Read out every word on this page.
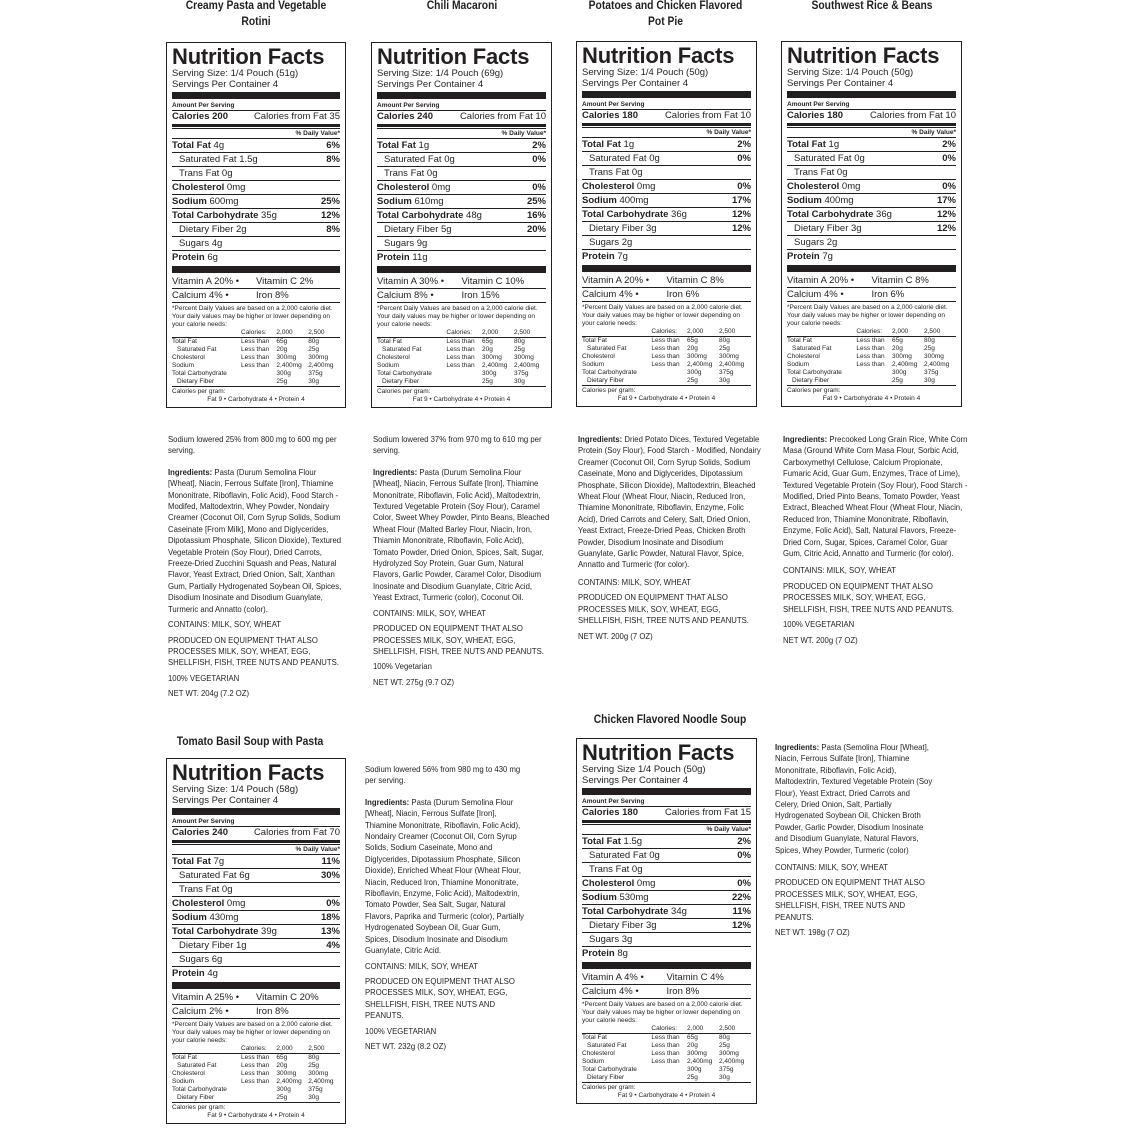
Creamy Pasta and Vegetable Rotini
Chili Macaroni	Potatoes and Chicken Flavored Pot Pie
Southwest Rice & Beans
Tomato Basil Soup with Pasta
Chicken Flavored Noodle Soup
Nutrition Facts
Serving Size: 1/4 Pouch (51g)
Servings Per Container 4
Amount Per Serving
Calories 200	Calories from Fat 35
% Daily Value*
Total Fat 4g	6%
Saturated Fat 1.5g	8%
Trans Fat 0g
Cholesterol 0mg
Sodium 600mg	25%
Total Carbohydrate 35g	12%
Dietary Fiber 2g	8%
Sugars 4g
Protein 6g
Vitamin A 20% •	Vitamin C 2%
Calcium 4% •	Iron 8%
*Percent Daily Values are based on a 2,000 calorie diet. Your daily values may be higher or lower depending on your calorie needs:
	Calories:	2,000	2,500
Total Fat	Less than	65g	80g
Saturated Fat	Less than	20g	25g
Cholesterol	Less than	300mg	300mg
Sodium	Less than	2,400mg	2,400mg
Total Carbohydrate		300g	375g
Dietary Fiber		25g	30g
Calories per gram:
Fat 9 • Carbohydrate 4 • Protein 4
Nutrition Facts
Serving Size: 1/4 Pouch (69g)
Servings Per Container 4
Amount Per Serving
Calories 240	Calories from Fat 10
% Daily Value*
Total Fat 1g	2%
Saturated Fat 0g	0%
Trans Fat 0g
Cholesterol 0mg	0%
Sodium 610mg	25%
Total Carbohydrate 48g	16%
Dietary Fiber 5g	20%
Sugars 9g
Protein 11g
Vitamin A 30% •	Vitamin C 10%
Calcium 8% •	Iron 15%
*Percent Daily Values are based on a 2,000 calorie diet. Your daily values may be higher or lower depending on your calorie needs:
	Calories:	2,000	2,500
Total Fat	Less than	65g	80g
Saturated Fat	Less than	20g	25g
Cholesterol	Less than	300mg	300mg
Sodium	Less than	2,400mg	2,400mg
Total Carbohydrate		300g	375g
Dietary Fiber		25g	30g
Calories per gram:
Fat 9 • Carbohydrate 4 • Protein 4
Nutrition Facts
Serving Size: 1/4 Pouch (50g)
Servings Per Container 4
Amount Per Serving
Calories 180	Calories from Fat 10
% Daily Value*
Total Fat 1g	2%
Saturated Fat 0g	0%
Trans Fat 0g
Cholesterol 0mg	0%
Sodium 400mg	17%
Total Carbohydrate 36g	12%
Dietary Fiber 3g	12%
Sugars 2g
Protein 7g
Vitamin A 20% •	Vitamin C 8%
Calcium 4% •	Iron 6%
*Percent Daily Values are based on a 2,000 calorie diet. Your daily values may be higher or lower depending on your calorie needs:
	Calories:	2,000	2,500
Total Fat	Less than	65g	80g
Saturated Fat	Less than	20g	25g
Cholesterol	Less than	300mg	300mg
Sodium	Less than	2,400mg	2,400mg
Total Carbohydrate		300g	375g
Dietary Fiber		25g	30g
Calories per gram:
Fat 9 • Carbohydrate 4 • Protein 4
Nutrition Facts
Serving Size: 1/4 Pouch (50g)
Servings Per Container 4
Amount Per Serving
Calories 180	Calories from Fat 10
% Daily Value*
Total Fat 1g	2%
Saturated Fat 0g	0%
Trans Fat 0g
Cholesterol 0mg	0%
Sodium 400mg	17%
Total Carbohydrate 36g	12%
Dietary Fiber 3g	12%
Sugars 2g
Protein 7g
Vitamin A 20% •	Vitamin C 8%
Calcium 4% •	Iron 6%
*Percent Daily Values are based on a 2,000 calorie diet. Your daily values may be higher or lower depending on your calorie needs:
	Calories:	2,000	2,500
Total Fat	Less than	65g	80g
Saturated Fat	Less than	20g	25g
Cholesterol	Less than	300mg	300mg
Sodium	Less than	2,400mg	2,400mg
Total Carbohydrate		300g	375g
Dietary Fiber		25g	30g
Calories per gram:
Fat 9 • Carbohydrate 4 • Protein 4
Nutrition Facts
Serving Size: 1/4 Pouch (58g)
Servings Per Container 4
Amount Per Serving
Calories 240	Calories from Fat 70
% Daily Value*
Total Fat 7g	11%
Saturated Fat 6g	30%
Trans Fat 0g
Cholesterol 0mg	0%
Sodium 430mg	18%
Total Carbohydrate 39g	13%
Dietary Fiber 1g	4%
Sugars 6g
Protein 4g
Vitamin A 25% •	Vitamin C 20%
Calcium 2% •	Iron 8%
*Percent Daily Values are based on a 2,000 calorie diet. Your daily values may be higher or lower depending on your calorie needs:
	Calories:	2,000	2,500
Total Fat	Less than	65g	80g
Saturated Fat	Less than	20g	25g
Cholesterol	Less than	300mg	300mg
Sodium	Less than	2,400mg	2,400mg
Total Carbohydrate		300g	375g
Dietary Fiber		25g	30g
Calories per gram:
Fat 9 • Carbohydrate 4 • Protein 4
Nutrition Facts
Serving Size 1/4 Pouch (50g)
Servings Per Container 4
Amount Per Serving
Calories 180	Calories from Fat 15
% Daily Value*
Total Fat 1.5g	2%
Saturated Fat 0g	0%
Trans Fat 0g
Cholesterol 0mg	0%
Sodium 530mg	22%
Total Carbohydrate 34g	11%
Dietary Fiber 3g	12%
Sugars 3g
Protein 8g
Vitamin A 4% •	Vitamin C 4%
Calcium 4% •	Iron 8%
*Percent Daily Values are based on a 2,000 calorie diet. Your daily values may be higher or lower depending on your calorie needs:
	Calories:	2,000	2,500
Total Fat	Less than	65g	80g
Saturated Fat	Less than	20g	25g
Cholesterol	Less than	300mg	300mg
Sodium	Less than	2,400mg	2,400mg
Total Carbohydrate		300g	375g
Dietary Fiber		25g	30g
Calories per gram:
Fat 9 • Carbohydrate 4 • Protein 4

Sodium lowered 25% from 800 mg to 600 mg per serving.

Ingredients: Pasta (Durum Semolina Flour [Wheat], Niacin, Ferrous Sulfate [Iron], Thiamine Mononitrate, Riboflavin, Folic Acid), Food Starch - Modifed, Maltodextrin, Whey Powder, Nondairy Creamer (Coconut Oil, Corn Syrup Solids, Sodium Caseinate [From Milk], Mono and Diglycerides, Dipotassium Phosphate, Silicon Dioxide), Textured Vegetable Protein (Soy Flour), Dried Carrots, Freeze-Dried Zucchini Squash and Peas, Natural Flavor, Yeast Extract, Dried Onion, Salt, Xanthan Gum, Partially Hydrogenated Soybean Oil, Spices, Disodium Inosinate and Disodium Guanylate, Turmeric and Annatto (color).

CONTAINS: MILK, SOY, WHEAT

PRODUCED ON EQUIPMENT THAT ALSO PROCESSES MILK, SOY, WHEAT, EGG, SHELLFISH, FISH, TREE NUTS AND PEANUTS.

100% VEGETARIAN

NET WT. 204g (7.2 OZ)

Sodium lowered 37% from 970 mg to 610 mg per serving.

Ingredients: Pasta (Durum Semolina Flour [Wheat], Niacin, Ferrous Sulfate [Iron], Thiamine Mononitrate, Riboflavin, Folic Acid), Maltodextrin, Textured Vegetable Protein (Soy Flour), Caramel Color, Sweet Whey Powder, Pinto Beans, Bleached Wheat Flour (Malted Barley Flour, Niacin, Iron, Thiamin Mononitrate, Riboflavin, Folic Acid), Tomato Powder, Dried Onion, Spices, Salt, Sugar, Hydrolyzed Soy Protein, Guar Gum, Natural Flavors, Garlic Powder, Caramel Color, Disodium Inosinate and Disodium Guanylate, Citric Acid, Yeast Extract, Turmeric (color), Coconut Oil.

CONTAINS: MILK, SOY, WHEAT

PRODUCED ON EQUIPMENT THAT ALSO PROCESSES MILK, SOY, WHEAT, EGG, SHELLFISH, FISH, TREE NUTS AND PEANUTS.

100% Vegetarian

NET WT. 275g (9.7 OZ)

Ingredients: Dried Potato Dices, Textured Vegetable Protein (Soy Flour), Food Starch - Modified, Nondairy Creamer (Coconut Oil, Corn Syrup Solids, Sodium Caseinate, Mono and Diglycerides, Dipotassium Phosphate, Silicon Dioxide), Maltodextrin, Bleached Wheat Flour (Wheat Flour, Niacin, Reduced Iron, Thiamine Mononitrate, Riboflavin, Enzyme, Folic Acid), Dried Carrots and Celery, Salt, Dried Onion, Yeast Extract, Freeze-Dried Peas, Chicken Broth Powder, Disodium Inosinate and Disodium Guanylate, Garlic Powder, Natural Flavor, Spice, Annatto and Turmeric (for color).

CONTAINS: MILK, SOY, WHEAT

PRODUCED ON EQUIPMENT THAT ALSO PROCESSES MILK, SOY, WHEAT, EGG, SHELLFISH, FISH, TREE NUTS AND PEANUTS.

NET WT. 200g (7 OZ)

Ingredients: Precooked Long Grain Rice, White Corn Masa (Ground White Corn Masa Flour, Sorbic Acid, Carboxymethyl Cellulose, Calcium Propionate, Fumaric Acid, Guar Gum, Enzymes, Trace of Lime), Textured Vegetable Protein (Soy Flour), Food Starch - Modified, Dried Pinto Beans, Tomato Powder, Yeast Extract, Bleached Wheat Flour (Wheat Flour, Niacin, Reduced Iron, Thiamine Mononitrate, Riboflavin, Enzyme, Folic Acid), Salt, Natural Flavors, Freeze-Dried Corn, Sugar, Spices, Caramel Color, Guar Gum, Citric Acid, Annatto and Turmeric (for color).

CONTAINS: MILK, SOY, WHEAT

PRODUCED ON EQUIPMENT THAT ALSO PROCESSES MILK, SOY, WHEAT, EGG, SHELLFISH, FISH, TREE NUTS AND PEANUTS.

100% VEGETARIAN

NET WT. 200g (7 OZ)

Sodium lowered 56% from 980 mg to 430 mg per serving.

Ingredients: Pasta (Durum Semolina Flour [Wheat], Niacin, Ferrous Sulfate [Iron], Thiamine Mononitrate, Riboflavin, Folic Acid), Nondairy Creamer (Coconut Oil, Corn Syrup Solids, Sodium Caseinate, Mono and Diglycerides, Dipotassium Phosphate, Silicon Dioxide), Enriched Wheat Flour (Wheat Flour, Niacin, Reduced Iron, Thiamine Mononitrate, Riboflavin, Enzyme, Folic Acid), Maltodextrin, Tomato Powder, Sea Salt, Sugar, Natural Flavors, Paprika and Turmeric (color), Partially Hydrogenated Soybean Oil, Guar Gum, Spices, Disodium Inosinate and Disodium Guanylate, Citric Acid.

CONTAINS: MILK, SOY, WHEAT

PRODUCED ON EQUIPMENT THAT ALSO PROCESSES MILK, SOY, WHEAT, EGG, SHELLFISH, FISH, TREE NUTS AND PEANUTS.

100% VEGETARIAN

NET WT. 232g (8.2 OZ)

Ingredients: Pasta (Semolina Flour [Wheat], Niacin, Ferrous Sulfate [Iron], Thiamine Mononitrate, Riboflavin, Folic Acid), Maltodextrin, Textured Vegetable Protein (Soy Flour), Yeast Extract, Dried Carrots and Celery, Dried Onion, Salt, Partially Hydrogenated Soybean Oil, Chicken Broth Powder, Garlic Powder, Disodium Inosinate and Disodium Guanylate, Natural Flavors, Spices, Whey Powder, Turmeric (color)

CONTAINS: MILK, SOY, WHEAT

PRODUCED ON EQUIPMENT THAT ALSO PROCESSES MILK, SOY, WHEAT, EGG, SHELLFISH, FISH, TREE NUTS AND PEANUTS.

NET WT. 198g (7 OZ)
